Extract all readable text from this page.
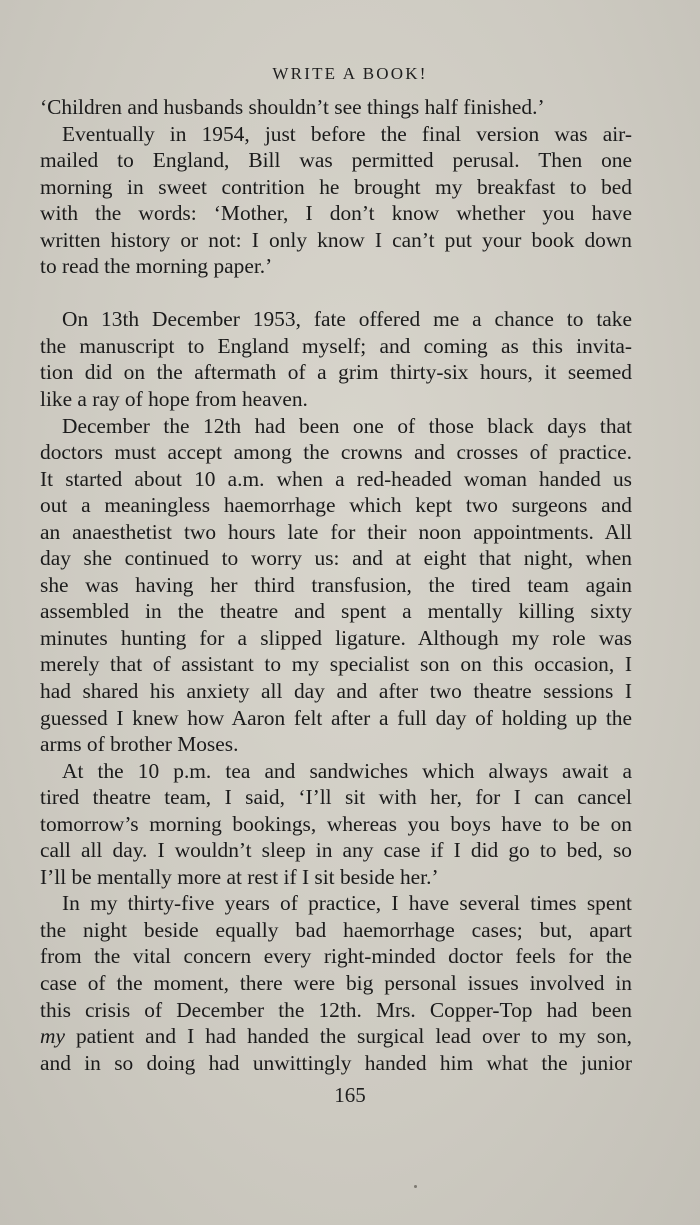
WRITE A BOOK!
‘Children and husbands shouldn’t see things half finished.’
Eventually in 1954, just before the final version was air-
mailed to England, Bill was permitted perusal. Then one
morning in sweet contrition he brought my breakfast to bed
with the words: ‘Mother, I don’t know whether you have
written history or not: I only know I can’t put your book down
to read the morning paper.’
On 13th December 1953, fate offered me a chance to take
the manuscript to England myself; and coming as this invita-
tion did on the aftermath of a grim thirty-six hours, it seemed
like a ray of hope from heaven.
December the 12th had been one of those black days that
doctors must accept among the crowns and crosses of practice.
It started about 10 a.m. when a red-headed woman handed us
out a meaningless haemorrhage which kept two surgeons and
an anaesthetist two hours late for their noon appointments. All
day she continued to worry us: and at eight that night, when
she was having her third transfusion, the tired team again
assembled in the theatre and spent a mentally killing sixty
minutes hunting for a slipped ligature. Although my role was
merely that of assistant to my specialist son on this occasion, I
had shared his anxiety all day and after two theatre sessions I
guessed I knew how Aaron felt after a full day of holding up the
arms of brother Moses.
At the 10 p.m. tea and sandwiches which always await a
tired theatre team, I said, ‘I’ll sit with her, for I can cancel
tomorrow’s morning bookings, whereas you boys have to be on
call all day. I wouldn’t sleep in any case if I did go to bed, so
I’ll be mentally more at rest if I sit beside her.’
In my thirty-five years of practice, I have several times spent
the night beside equally bad haemorrhage cases; but, apart
from the vital concern every right-minded doctor feels for the
case of the moment, there were big personal issues involved in
this crisis of December the 12th. Mrs. Copper-Top had been
my patient and I had handed the surgical lead over to my son,
and in so doing had unwittingly handed him what the junior
165
